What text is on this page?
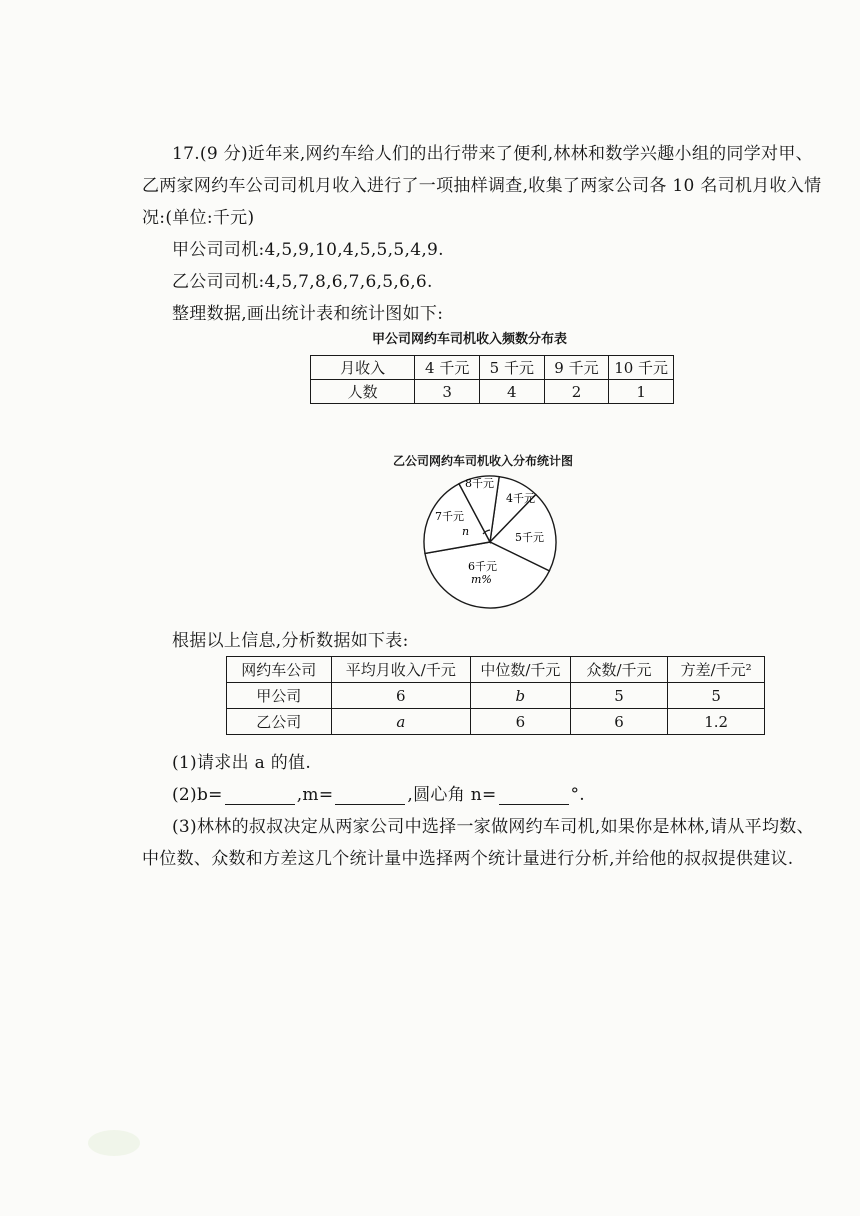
17.(9 分)近年来,网约车给人们的出行带来了便利,林林和数学兴趣小组的同学对甲、
乙两家网约车公司司机月收入进行了一项抽样调查,收集了两家公司各 10 名司机月收入情
况:(单位:千元)
甲公司司机:4,5,9,10,4,5,5,5,4,9.
乙公司司机:4,5,7,8,6,7,6,5,6,6.
整理数据,画出统计表和统计图如下:
甲公司网约车司机收入频数分布表
月收入	4 千元	5 千元	9 千元	10 千元
人数	3	4	2	1
乙公司网约车司机收入分布统计图
8千元
4千元
5千元
6千元
m%
7千元
n
根据以上信息,分析数据如下表:
网约车公司	平均月收入/千元	中位数/千元	众数/千元	方差/千元²
甲公司	6	b	5	5
乙公司	a	6	6	1.2
(1)请求出 a 的值.
(2)b=	,m=	,圆心角 n=	°.
(3)林林的叔叔决定从两家公司中选择一家做网约车司机,如果你是林林,请从平均数、
中位数、众数和方差这几个统计量中选择两个统计量进行分析,并给他的叔叔提供建议.
